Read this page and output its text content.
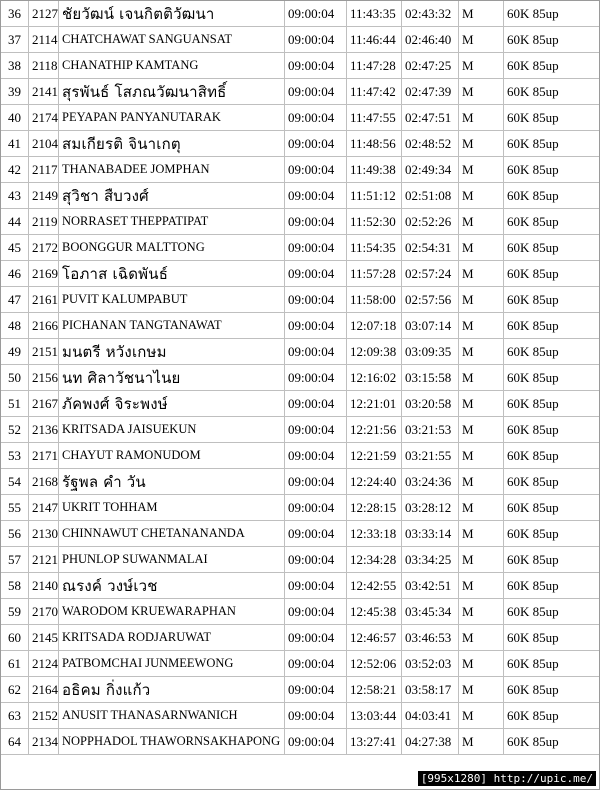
36	2127	ชัยวัฒน์ เจนกิตติวัฒนา	09:00:04	11:43:35	02:43:32	M	60K 85up
37	2114	CHATCHAWAT SANGUANSAT	09:00:04	11:46:44	02:46:40	M	60K 85up
38	2118	CHANATHIP KAMTANG	09:00:04	11:47:28	02:47:25	M	60K 85up
39	2141	สุรพันธ์ โสภณวัฒนาสิทธิ์	09:00:04	11:47:42	02:47:39	M	60K 85up
40	2174	PEYAPAN PANYANUTARAK	09:00:04	11:47:55	02:47:51	M	60K 85up
41	2104	สมเกียรติ จินาเกตุ	09:00:04	11:48:56	02:48:52	M	60K 85up
42	2117	THANABADEE JOMPHAN	09:00:04	11:49:38	02:49:34	M	60K 85up
43	2149	สุวิชา สืบวงศ์	09:00:04	11:51:12	02:51:08	M	60K 85up
44	2119	NORRASET THEPPATIPAT	09:00:04	11:52:30	02:52:26	M	60K 85up
45	2172	BOONGGUR MALTTONG	09:00:04	11:54:35	02:54:31	M	60K 85up
46	2169	โอภาส เฉิดพันธ์	09:00:04	11:57:28	02:57:24	M	60K 85up
47	2161	PUVIT KALUMPABUT	09:00:04	11:58:00	02:57:56	M	60K 85up
48	2166	PICHANAN TANGTANAWAT	09:00:04	12:07:18	03:07:14	M	60K 85up
49	2151	มนตรี หวังเกษม	09:00:04	12:09:38	03:09:35	M	60K 85up
50	2156	นท ศิลาวัชนาไนย	09:00:04	12:16:02	03:15:58	M	60K 85up
51	2167	ภัคพงศ์ จิระพงษ์	09:00:04	12:21:01	03:20:58	M	60K 85up
52	2136	KRITSADA JAISUEKUN	09:00:04	12:21:56	03:21:53	M	60K 85up
53	2171	CHAYUT RAMONUDOM	09:00:04	12:21:59	03:21:55	M	60K 85up
54	2168	รัฐพล คำ วัน	09:00:04	12:24:40	03:24:36	M	60K 85up
55	2147	UKRIT TOHHAM	09:00:04	12:28:15	03:28:12	M	60K 85up
56	2130	CHINNAWUT CHETANANANDA	09:00:04	12:33:18	03:33:14	M	60K 85up
57	2121	PHUNLOP SUWANMALAI	09:00:04	12:34:28	03:34:25	M	60K 85up
58	2140	ณรงค์ วงษ์เวช	09:00:04	12:42:55	03:42:51	M	60K 85up
59	2170	WARODOM KRUEWARAPHAN	09:00:04	12:45:38	03:45:34	M	60K 85up
60	2145	KRITSADA RODJARUWAT	09:00:04	12:46:57	03:46:53	M	60K 85up
61	2124	PATBOMCHAI JUNMEEWONG	09:00:04	12:52:06	03:52:03	M	60K 85up
62	2164	อธิคม กิ่งแก้ว	09:00:04	12:58:21	03:58:17	M	60K 85up
63	2152	ANUSIT THANASARNWANICH	09:00:04	13:03:44	04:03:41	M	60K 85up
64	2134	NOPPHADOL THAWORNSAKHAPONG	09:00:04	13:27:41	04:27:38	M	60K 85up
[995x1280] http://upic.me/
